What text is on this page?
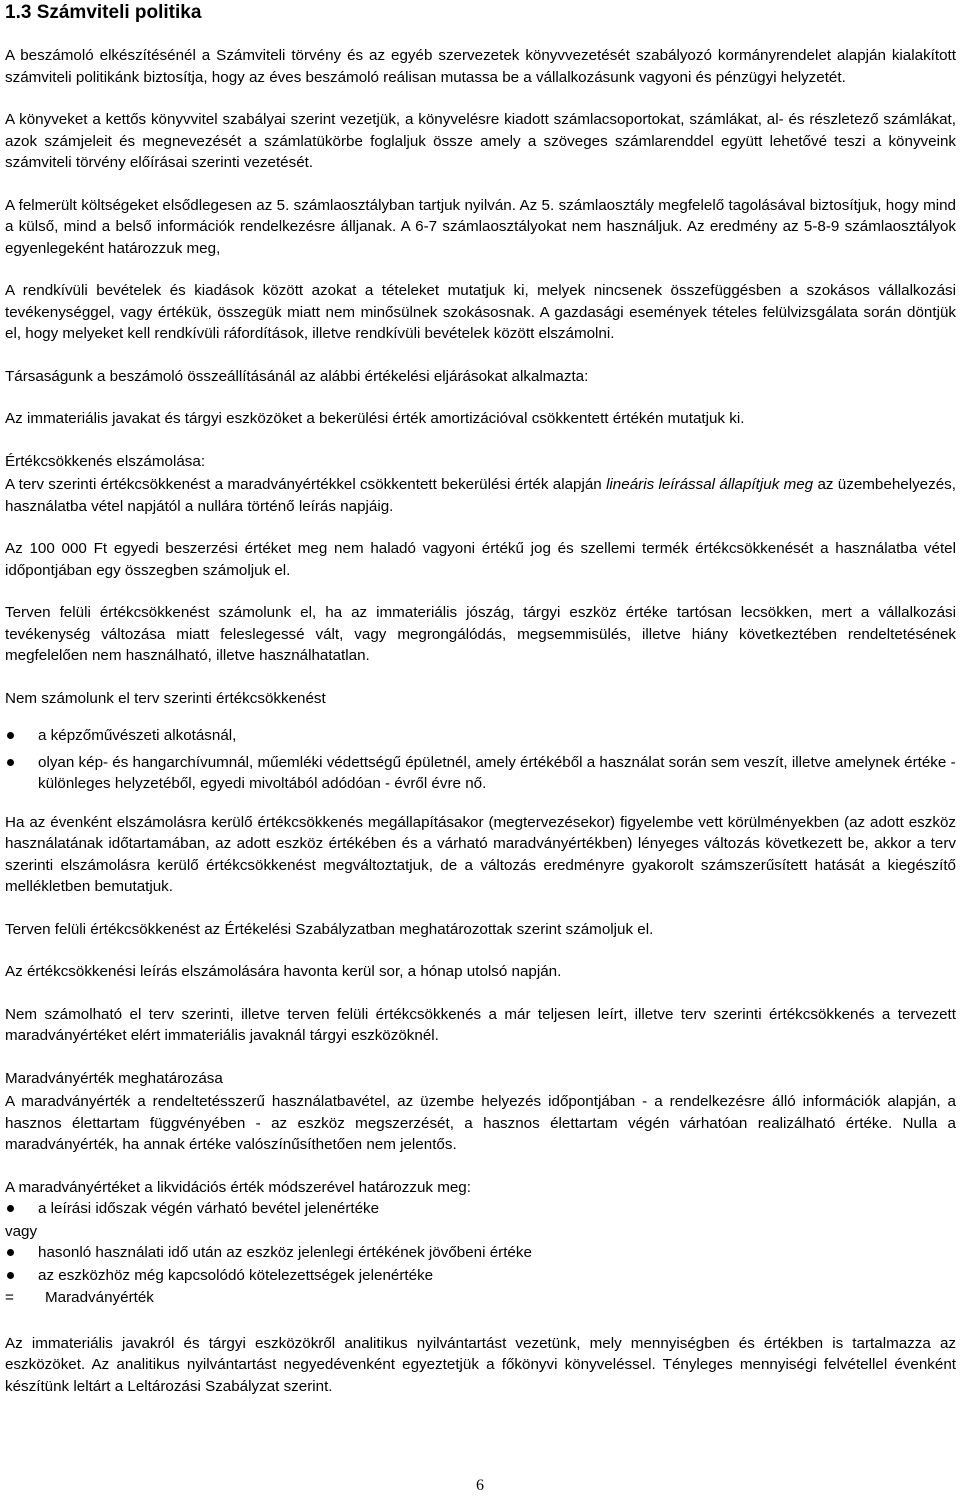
1.3 Számviteli politika

A beszámoló elkészítésénél a Számviteli törvény és az egyéb szervezetek könyvvezetését szabályozó kormányrendelet alapján kialakított számviteli politikánk biztosítja, hogy az éves beszámoló reálisan mutassa be a vállalkozásunk vagyoni és pénzügyi helyzetét.

A könyveket a kettős könyvvitel szabályai szerint vezetjük, a könyvelésre kiadott számlacsoportokat, számlákat, al- és részletező számlákat, azok számjeleit és megnevezését a számlatükörbe foglaljuk össze amely a szöveges számlarenddel együtt lehetővé teszi a könyveink számviteli törvény előírásai szerinti vezetését.

A felmerült költségeket elsődlegesen az 5. számlaosztályban tartjuk nyilván. Az 5. számlaosztály megfelelő tagolásával biztosítjuk, hogy mind a külső, mind a belső információk rendelkezésre álljanak. A 6-7 számlaosztályokat nem használjuk. Az eredmény az 5-8-9 számlaosztályok egyenlegeként határozzuk meg,

A rendkívüli bevételek és kiadások között azokat a tételeket mutatjuk ki, melyek nincsenek összefüggésben a szokásos vállalkozási tevékenységgel, vagy értékük, összegük miatt nem minősülnek szokásosnak. A gazdasági események tételes felülvizsgálata során döntjük el, hogy melyeket kell rendkívüli ráfordítások, illetve rendkívüli bevételek között elszámolni.

Társaságunk a beszámoló összeállításánál az alábbi értékelési eljárásokat alkalmazta:

Az immateriális javakat és tárgyi eszközöket a bekerülési érték amortizációval csökkentett értékén mutatjuk ki.

Értékcsökkenés elszámolása:

A terv szerinti értékcsökkenést a maradványértékkel csökkentett bekerülési érték alapján lineáris leírással állapítjuk meg az üzembehelyezés, használatba vétel napjától a nullára történő leírás napjáig.

Az 100 000 Ft egyedi beszerzési értéket meg nem haladó vagyoni értékű jog és szellemi termék értékcsökkenését a használatba vétel időpontjában egy összegben számoljuk el.

Terven felüli értékcsökkenést számolunk el, ha az immateriális jószág, tárgyi eszköz értéke tartósan lecsökken, mert a vállalkozási tevékenység változása miatt feleslegessé vált, vagy megrongálódás, megsemmisülés, illetve hiány következtében rendeltetésének megfelelően nem használható, illetve használhatatlan.

Nem számolunk el terv szerinti értékcsökkenést

a képzőművészeti alkotásnál,
olyan kép- és hangarchívumnál, műemléki védettségű épületnél, amely értékéből a használat során sem veszít, illetve amelynek értéke - különleges helyzetéből, egyedi mivoltából adódóan - évről évre nő.

Ha az évenként elszámolásra kerülő értékcsökkenés megállapításakor (megtervezésekor) figyelembe vett körülményekben (az adott eszköz használatának időtartamában, az adott eszköz értékében és a várható maradványértékben) lényeges változás következett be, akkor a terv szerinti elszámolásra kerülő értékcsökkenést megváltoztatjuk, de a változás eredményre gyakorolt számszerűsített hatását a kiegészítő mellékletben bemutatjuk.

Terven felüli értékcsökkenést az Értékelési Szabályzatban meghatározottak szerint számoljuk el.

Az értékcsökkenési leírás elszámolására havonta kerül sor, a hónap utolsó napján.

Nem számolható el terv szerinti, illetve terven felüli értékcsökkenés a már teljesen leírt, illetve terv szerinti értékcsökkenés a tervezett maradványértéket elért immateriális javaknál tárgyi eszközöknél.

Maradványérték meghatározása

A maradványérték a rendeltetésszerű használatbavétel, az üzembe helyezés időpontjában - a rendelkezésre álló információk alapján, a hasznos élettartam függvényében - az eszköz megszerzését, a hasznos élettartam végén várhatóan realizálható értéke. Nulla a maradványérték, ha annak értéke valószínűsíthetően nem jelentős.

A maradványértéket a likvidációs érték módszerével határozzuk meg:

a leírási időszak végén várható bevétel jelenértéke

vagy

hasonló használati idő után az eszköz jelenlegi értékének jövőbeni értéke
az eszközhöz még kapcsolódó kötelezettségek jelenértéke
=	Maradványérték

Az immateriális javakról és tárgyi eszközökről analitikus nyilvántartást vezetünk, mely mennyiségben és értékben is tartalmazza az eszközöket. Az analitikus nyilvántartást negyedévenként egyeztetjük a főkönyvi könyveléssel. Tényleges mennyiségi felvétellel évenként készítünk leltárt a Leltározási Szabályzat szerint.

6
